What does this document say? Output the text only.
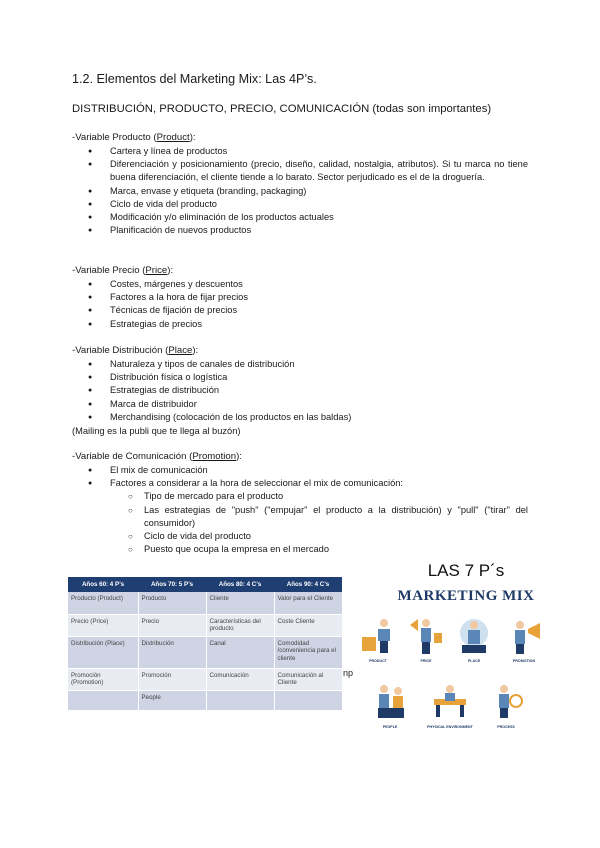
1.2. Elementos del Marketing Mix: Las 4P’s.
DISTRIBUCIÓN, PRODUCTO, PRECIO, COMUNICACIÓN (todas son importantes)
-Variable Producto (Product):
● Cartera y línea de productos
● Diferenciación y posicionamiento (precio, diseño, calidad, nostalgia, atributos). Si tu marca no tiene buena diferenciación, el cliente tiende a lo barato. Sector perjudicado es el de la droguería.
● Marca, envase y etiqueta (branding, packaging)
● Ciclo de vida del producto
● Modificación y/o eliminación de los productos actuales
● Planificación de nuevos productos
-Variable Precio (Price):
● Costes, márgenes y descuentos
● Factores a la hora de fijar precios
● Técnicas de fijación de precios
● Estrategias de precios
-Variable Distribución (Place):
● Naturaleza y tipos de canales de distribución
● Distribución física o logística
● Estrategias de distribución
● Marca de distribuidor
● Merchandising (colocación de los productos en las baldas)
(Mailing es la publi que te llega al buzón)
-Variable de Comunicación (Promotion):
● El mix de comunicación
● Factores a considerar a la hora de seleccionar el mix de comunicación:
○ Tipo de mercado para el producto
○ Las estrategias de "push" ("empujar" el producto a la distribución) y "pull" ("tirar" del consumidor)
○ Ciclo de vida del producto
○ Puesto que ocupa la empresa en el mercado
Años 60: 4 P’s	Años 70: 5 P’s	Años 80: 4 C’s	Años 90: 4 C’s
Producto (Product)	Producto	Cliente	Valor para el Cliente
Precio (Price)	Precio	Características del producto	Coste Cliente
Distribución (Place)	Distribución	Canal	Comodidad /conveniencia para el cliente
Promoción (Promotion)	Promoción	Comunicación	Comunicación al Cliente
	People		
np
LAS 7 P´s
MARKETING MIX
PRODUCT	PRICE	PLACE	PROMOTION
PEOPLE	PHYSICAL ENVIRONMENT	PROCESS
